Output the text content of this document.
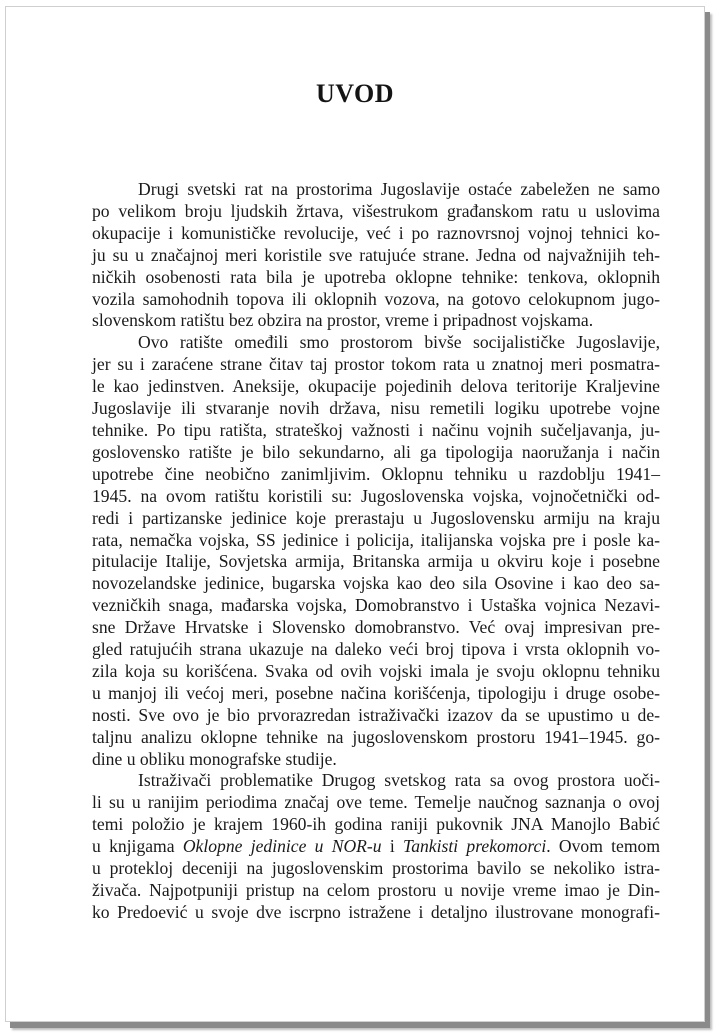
UVOD

Drugi svetski rat na prostorima Jugoslavije ostaće zabeležen ne samo
po velikom broju ljudskih žrtava, višestrukom građanskom ratu u uslovima
okupacije i komunističke revolucije, već i po raznovrsnoj vojnoj tehnici ko-
ju su u značajnoj meri koristile sve ratujuće strane. Jedna od najvažnijih teh-
ničkih osobenosti rata bila je upotreba oklopne tehnike: tenkova, oklopnih
vozila samohodnih topova ili oklopnih vozova, na gotovo celokupnom jugo-
slovenskom ratištu bez obzira na prostor, vreme i pripadnost vojskama.

Ovo ratište omeđili smo prostorom bivše socijalističke Jugoslavije,
jer su i zaraćene strane čitav taj prostor tokom rata u znatnoj meri posmatra-
le kao jedinstven. Aneksije, okupacije pojedinih delova teritorije Kraljevine
Jugoslavije ili stvaranje novih država, nisu remetili logiku upotrebe vojne
tehnike. Po tipu ratišta, strateškoj važnosti i načinu vojnih sučeljavanja, ju-
goslovensko ratište je bilo sekundarno, ali ga tipologija naoružanja i način
upotrebe čine neobično zanimljivim. Oklopnu tehniku u razdoblju 1941–
1945. na ovom ratištu koristili su: Jugoslovenska vojska, vojnočetnički od-
redi i partizanske jedinice koje prerastaju u Jugoslovensku armiju na kraju
rata, nemačka vojska, SS jedinice i policija, italijanska vojska pre i posle ka-
pitulacije Italije, Sovjetska armija, Britanska armija u okviru koje i posebne
novozelandske jedinice, bugarska vojska kao deo sila Osovine i kao deo sa-
vezničkih snaga, mađarska vojska, Domobranstvo i Ustaška vojnica Nezavi-
sne Države Hrvatske i Slovensko domobranstvo. Već ovaj impresivan pre-
gled ratujućih strana ukazuje na daleko veći broj tipova i vrsta oklopnih vo-
zila koja su korišćena. Svaka od ovih vojski imala je svoju oklopnu tehniku
u manjoj ili većoj meri, posebne načina korišćenja, tipologiju i druge osobe-
nosti. Sve ovo je bio prvorazredan istraživački izazov da se upustimo u de-
taljnu analizu oklopne tehnike na jugoslovenskom prostoru 1941–1945. go-
dine u obliku monografske studije.

Istraživači problematike Drugog svetskog rata sa ovog prostora uoči-
li su u ranijim periodima značaj ove teme. Temelje naučnog saznanja o ovoj
temi položio je krajem 1960-ih godina raniji pukovnik JNA Manojlo Babić
u knjigama Oklopne jedinice u NOR-u i Tankisti prekomorci. Ovom temom
u proteklој deceniji na jugoslovenskim prostorima bavilo se nekoliko istra-
živača. Najpotpuniji pristup na celom prostoru u novije vreme imao je Din-
ko Predoević u svoje dve iscrpno istražene i detaljno ilustrovane monografi-
